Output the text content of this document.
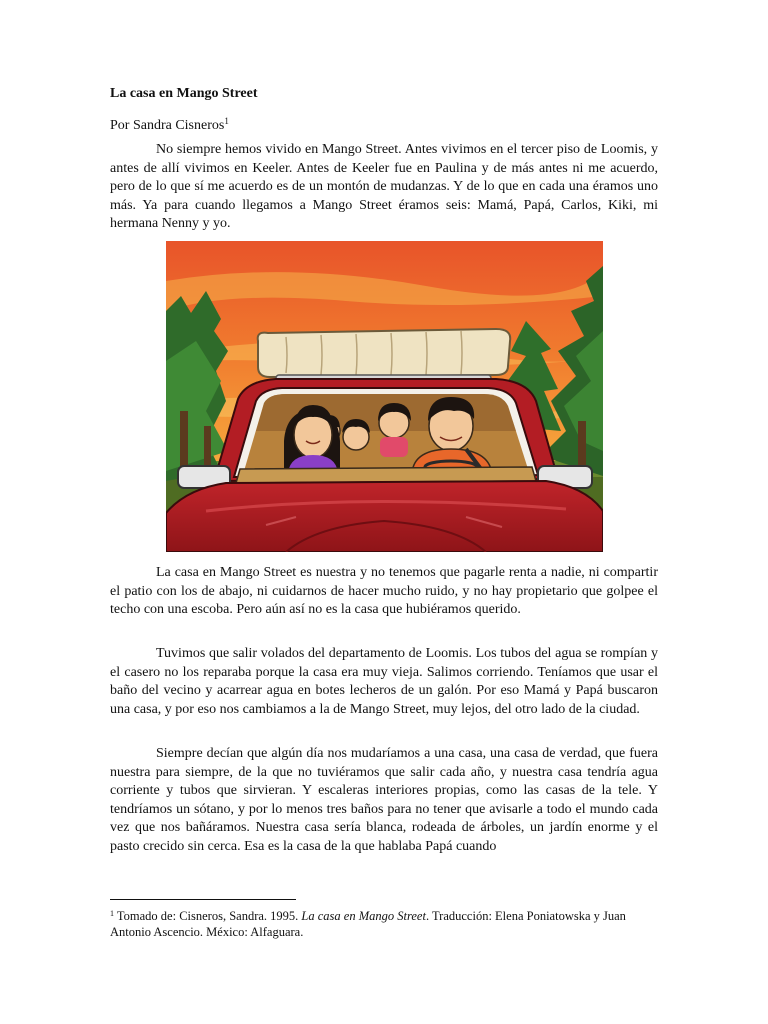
La casa en Mango Street
Por Sandra Cisneros$^1$

No siempre hemos vivido en Mango Street. Antes vivimos en el tercer piso de Loomis, y antes de allí vivimos en Keeler. Antes de Keeler fue en Paulina y de más antes ni me acuerdo, pero de lo que sí me acuerdo es de un montón de mudanzas. Y de lo que en cada una éramos uno más. Ya para cuando llegamos a Mango Street éramos seis: Mamá, Papá, Carlos, Kiki, mi hermana Nenny y yo.

La casa en Mango Street es nuestra y no tenemos que pagarle renta a nadie, ni compartir el patio con los de abajo, ni cuidarnos de hacer mucho ruido, y no hay propietario que golpee el techo con una escoba. Pero aún así no es la casa que hubiéramos querido.

Tuvimos que salir volados del departamento de Loomis. Los tubos del agua se rompían y el casero no los reparaba porque la casa era muy vieja. Salimos corriendo. Teníamos que usar el baño del vecino y acarrear agua en botes lecheros de un galón. Por eso Mamá y Papá buscaron una casa, y por eso nos cambiamos a la de Mango Street, muy lejos, del otro lado de la ciudad.

Siempre decían que algún día nos mudaríamos a una casa, una casa de verdad, que fuera nuestra para siempre, de la que no tuviéramos que salir cada año, y nuestra casa tendría agua corriente y tubos que sirvieran. Y escaleras interiores propias, como las casas de la tele. Y tendríamos un sótano, y por lo menos tres baños para no tener que avisarle a todo el mundo cada vez que nos bañáramos. Nuestra casa sería blanca, rodeada de árboles, un jardín enorme y el pasto crecido sin cerca. Esa es la casa de la que hablaba Papá cuando

$^1$ Tomado de: Cisneros, Sandra. 1995. La casa en Mango Street. Traducción: Elena Poniatowska y Juan Antonio Ascencio. México: Alfaguara.
